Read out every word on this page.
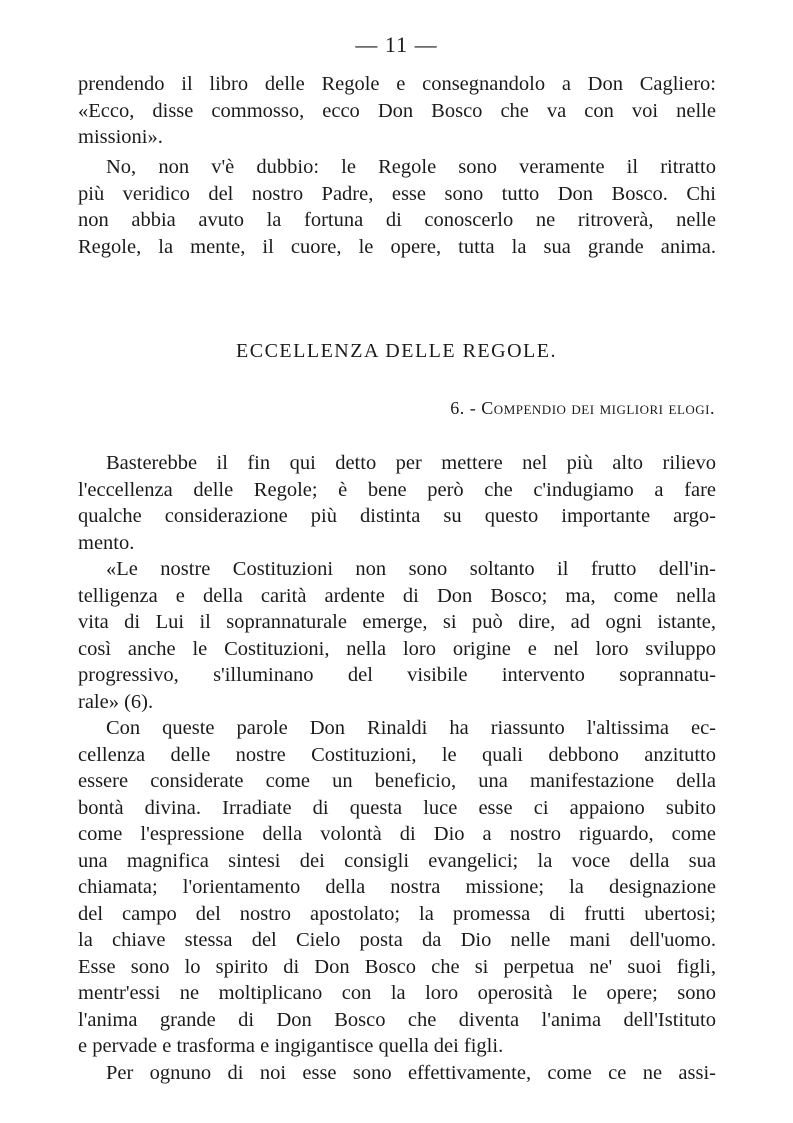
— 11 —
prendendo il libro delle Regole e consegnandolo a Don Cagliero:
«Ecco, disse commosso, ecco Don Bosco che va con voi nelle
missioni».
No, non v'è dubbio: le Regole sono veramente il ritratto
più veridico del nostro Padre, esse sono tutto Don Bosco. Chi
non abbia avuto la fortuna di conoscerlo ne ritroverà, nelle
Regole, la mente, il cuore, le opere, tutta la sua grande anima.
ECCELLENZA DELLE REGOLE.
6. - Compendio dei migliori elogi.
Basterebbe il fin qui detto per mettere nel più alto rilievo
l'eccellenza delle Regole; è bene però che c'indugiamo a fare
qualche considerazione più distinta su questo importante argo-
mento.
«Le nostre Costituzioni non sono soltanto il frutto dell'in-
telligenza e della carità ardente di Don Bosco; ma, come nella
vita di Lui il soprannaturale emerge, si può dire, ad ogni istante,
così anche le Costituzioni, nella loro origine e nel loro sviluppo
progressivo, s'illuminano del visibile intervento soprannatu-
rale» (6).
Con queste parole Don Rinaldi ha riassunto l'altissima ec-
cellenza delle nostre Costituzioni, le quali debbono anzitutto
essere considerate come un beneficio, una manifestazione della
bontà divina. Irradiate di questa luce esse ci appaiono subito
come l'espressione della volontà di Dio a nostro riguardo, come
una magnifica sintesi dei consigli evangelici; la voce della sua
chiamata; l'orientamento della nostra missione; la designazione
del campo del nostro apostolato; la promessa di frutti ubertosi;
la chiave stessa del Cielo posta da Dio nelle mani dell'uomo.
Esse sono lo spirito di Don Bosco che si perpetua ne' suoi figli,
mentr'essi ne moltiplicano con la loro operosità le opere; sono
l'anima grande di Don Bosco che diventa l'anima dell'Istituto
e pervade e trasforma e ingigantisce quella dei figli.
Per ognuno di noi esse sono effettivamente, come ce ne assi-
